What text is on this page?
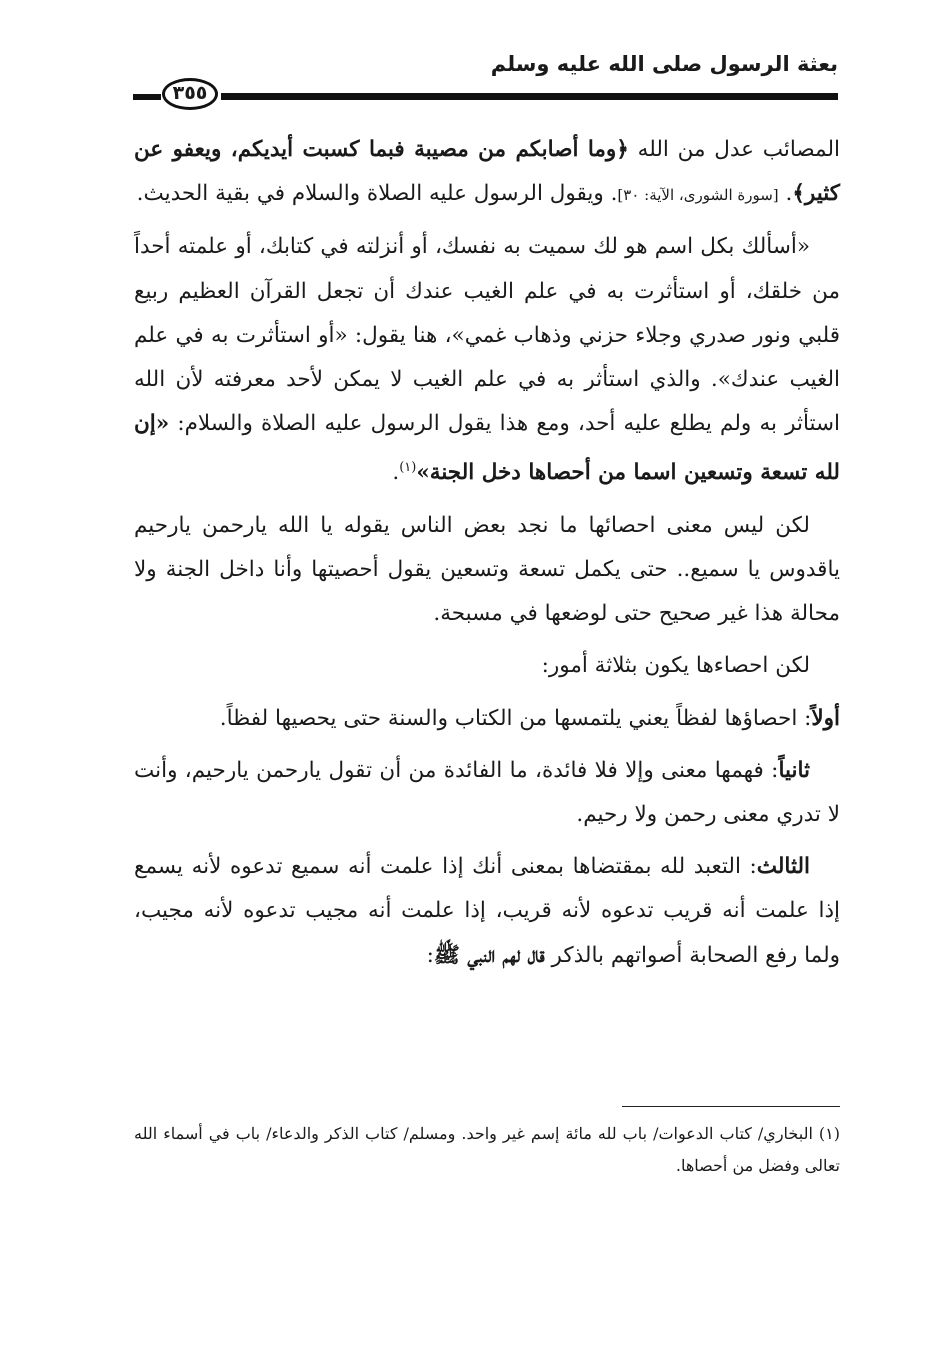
بعثة الرسول صلى الله عليه وسلم
٣٥٥

المصائب عدل من الله ﴿وما أصابكم من مصيبة فبما كسبت أيديكم، ويعفو عن كثير﴾. [سورة الشورى، الآية: ٣٠]. ويقول الرسول عليه الصلاة والسلام في بقية الحديث.

«أسألك بكل اسم هو لك سميت به نفسك، أو أنزلته في كتابك، أو علمته أحداً من خلقك، أو استأثرت به في علم الغيب عندك أن تجعل القرآن العظيم ربيع قلبي ونور صدري وجلاء حزني وذهاب غمي»، هنا يقول: «أو استأثرت به في علم الغيب عندك». والذي استأثر به في علم الغيب لا يمكن لأحد معرفته لأن الله استأثر به ولم يطلع عليه أحد، ومع هذا يقول الرسول عليه الصلاة والسلام: «إن لله تسعة وتسعين اسما من أحصاها دخل الجنة»$^{(١)}$.

لكن ليس معنى احصائها ما نجد بعض الناس يقوله يا الله يارحمن يارحيم ياقدوس يا سميع.. حتى يكمل تسعة وتسعين يقول أحصيتها وأنا داخل الجنة ولا محالة هذا غير صحيح حتى لوضعها في مسبحة.

لكن احصاءها يكون بثلاثة أمور:

أولاً: احصاؤها لفظاً يعني يلتمسها من الكتاب والسنة حتى يحصيها لفظاً.

ثانياً: فهمها معنى وإلا فلا فائدة، ما الفائدة من أن تقول يارحمن يارحيم، وأنت لا تدري معنى رحمن ولا رحيم.

الثالث: التعبد لله بمقتضاها بمعنى أنك إذا علمت أنه سميع تدعوه لأنه يسمع إذا علمت أنه قريب تدعوه لأنه قريب، إذا علمت أنه مجيب تدعوه لأنه مجيب، ولما رفع الصحابة أصواتهم بالذكر قال لهم النبي ﷺ:

(١) البخاري/ كتاب الدعوات/ باب لله مائة إسم غير واحد. ومسلم/ كتاب الذكر والدعاء/ باب في أسماء الله تعالى وفضل من أحصاها.
